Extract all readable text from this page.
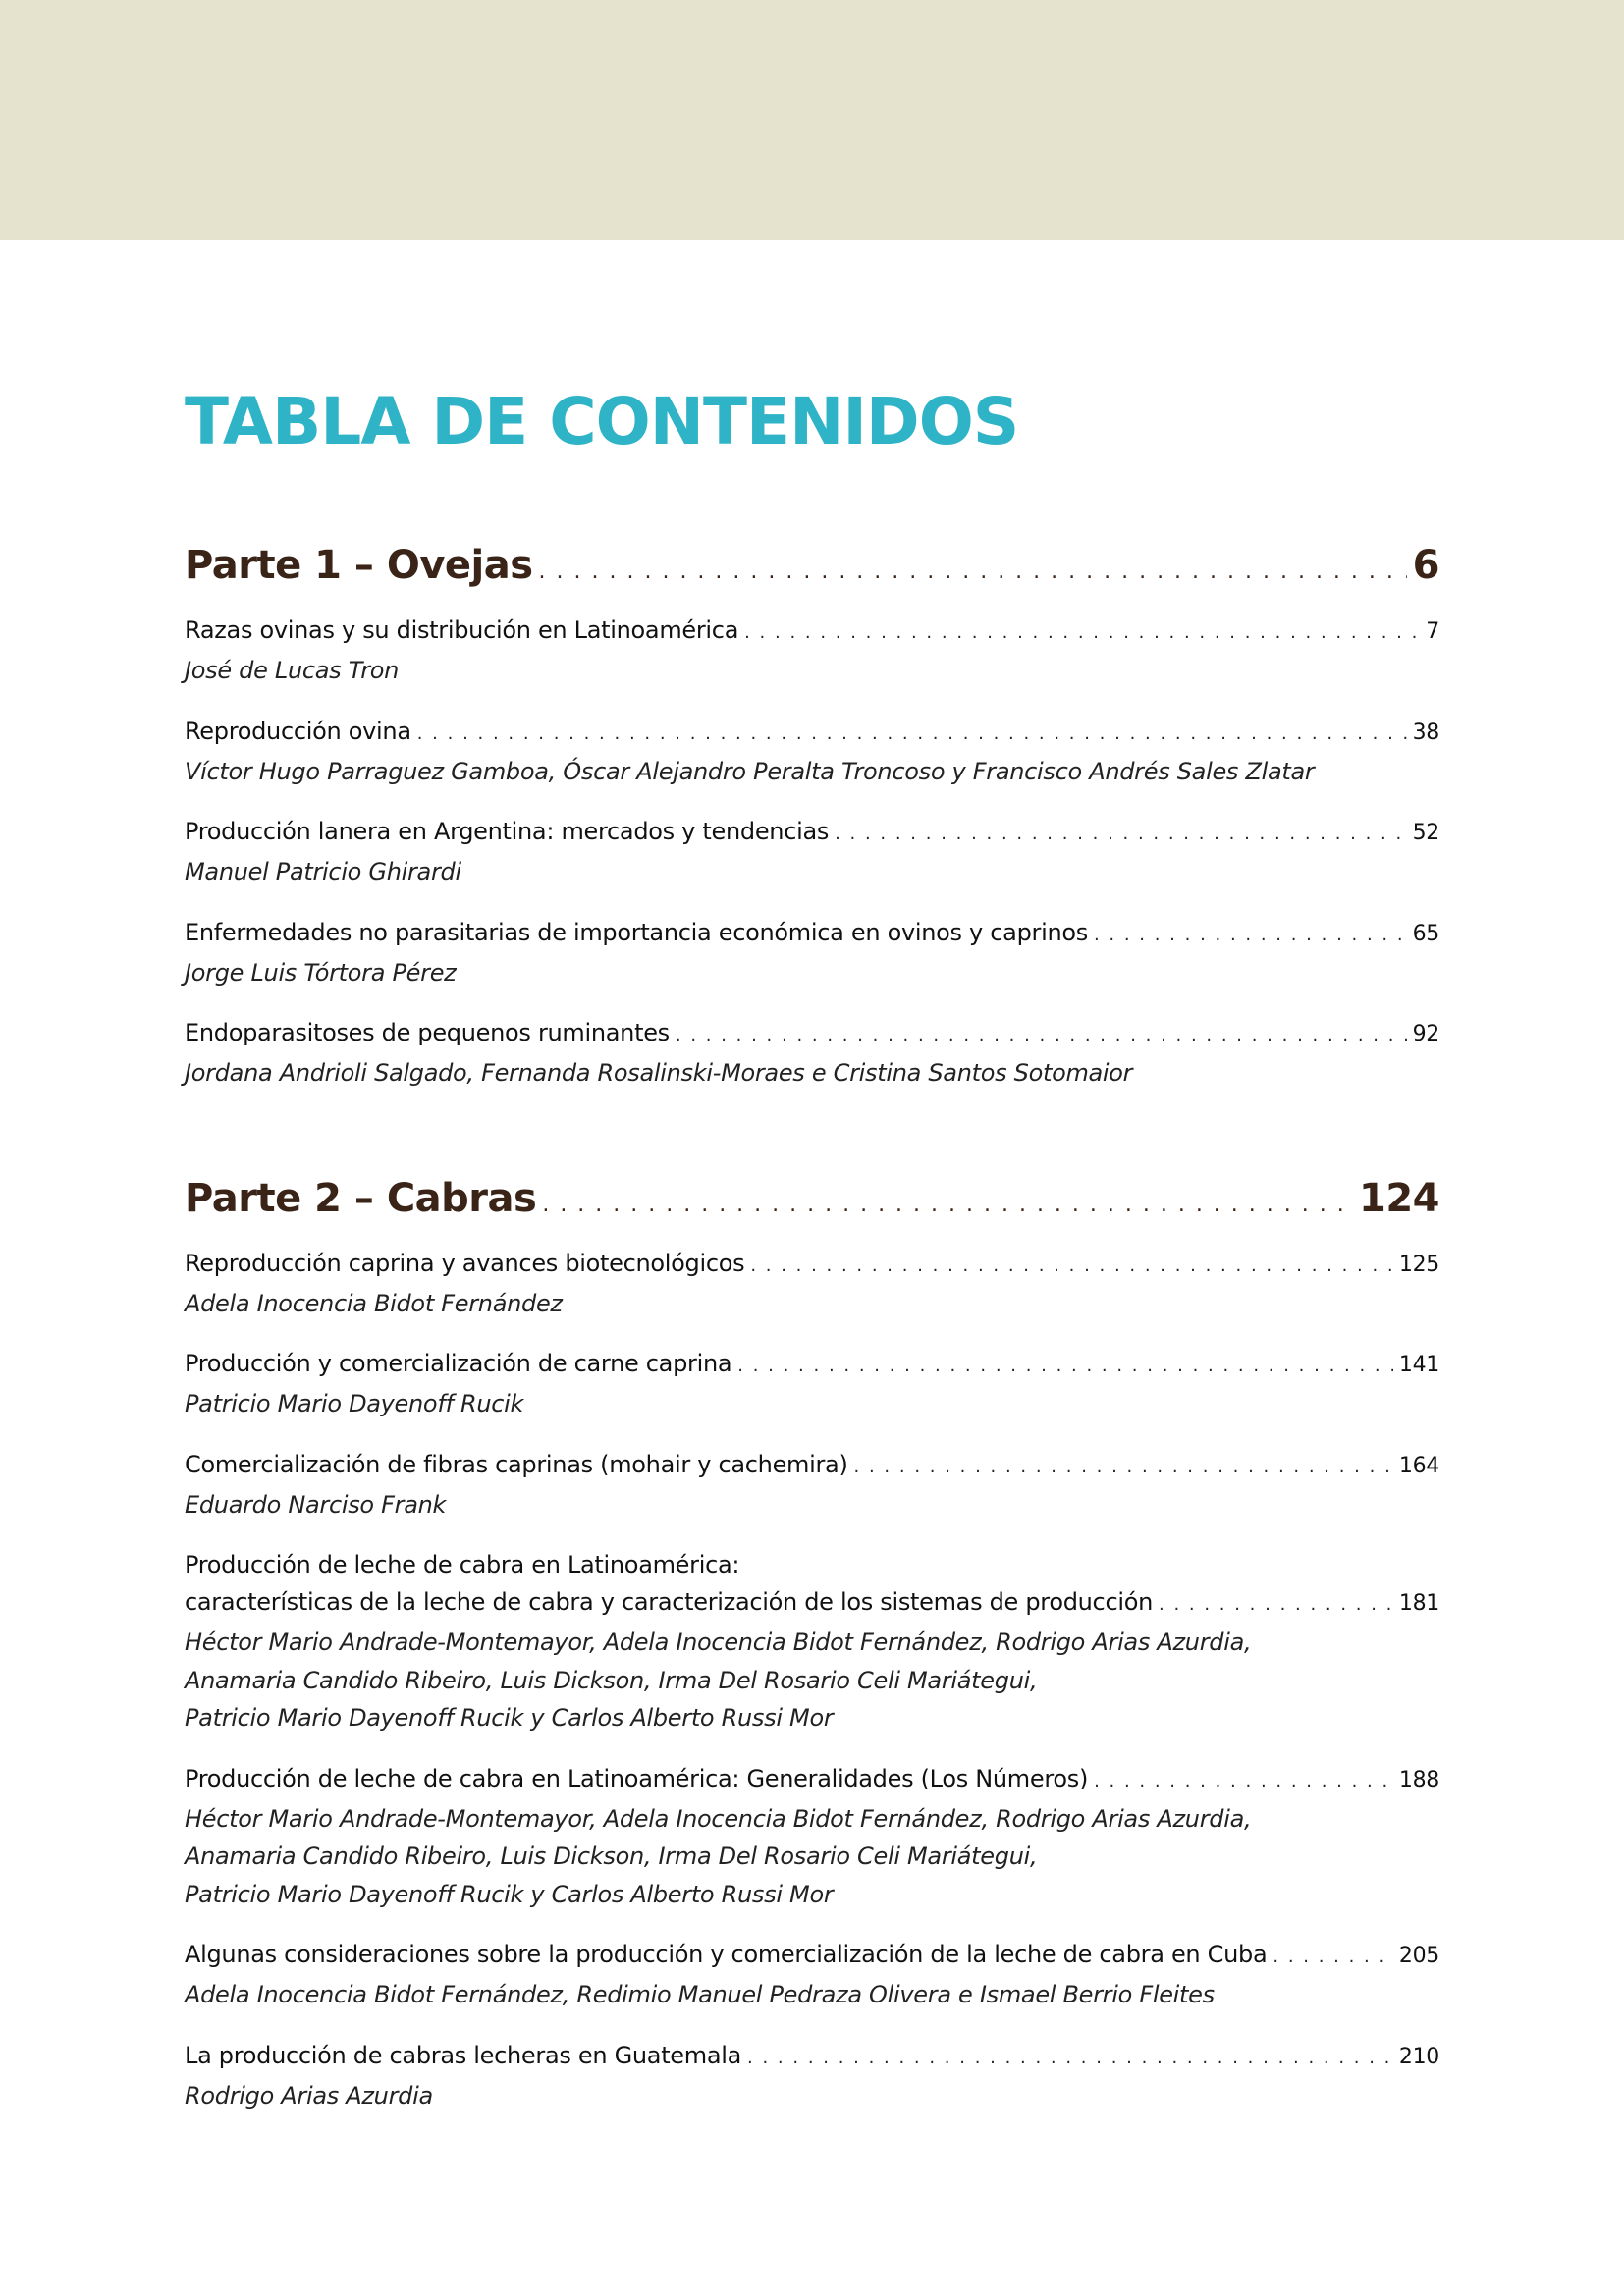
TABLA DE CONTENIDOS
Parte 1 – Ovejas . . .	6
Razas ovinas y su distribución en Latinoamérica . . .	7
José de Lucas Tron
Reproducción ovina . . .	38
Víctor Hugo Parraguez Gamboa, Óscar Alejandro Peralta Troncoso y Francisco Andrés Sales Zlatar
Producción lanera en Argentina: mercados y tendencias . . .	52
Manuel Patricio Ghirardi
Enfermedades no parasitarias de importancia económica en ovinos y caprinos . . .	65
Jorge Luis Tórtora Pérez
Endoparasitoses de pequenos ruminantes . . .	92
Jordana Andrioli Salgado, Fernanda Rosalinski-Moraes e Cristina Santos Sotomaior
Parte 2 – Cabras . . .	124
Reproducción caprina y avances biotecnológicos . . .	125
Adela Inocencia Bidot Fernández
Producción y comercialización de carne caprina . . .	141
Patricio Mario Dayenoff Rucik
Comercialización de fibras caprinas (mohair y cachemira) . . .	164
Eduardo Narciso Frank
Producción de leche de cabra en Latinoamérica:
características de la leche de cabra y caracterización de los sistemas de producción . . .	181
Héctor Mario Andrade-Montemayor, Adela Inocencia Bidot Fernández, Rodrigo Arias Azurdia,
Anamaria Candido Ribeiro, Luis Dickson, Irma Del Rosario Celi Mariátegui,
Patricio Mario Dayenoff Rucik y Carlos Alberto Russi Mor
Producción de leche de cabra en Latinoamérica: Generalidades (Los Números) . . .	188
Héctor Mario Andrade-Montemayor, Adela Inocencia Bidot Fernández, Rodrigo Arias Azurdia,
Anamaria Candido Ribeiro, Luis Dickson, Irma Del Rosario Celi Mariátegui,
Patricio Mario Dayenoff Rucik y Carlos Alberto Russi Mor
Algunas consideraciones sobre la producción y comercialización de la leche de cabra en Cuba . . .	205
Adela Inocencia Bidot Fernández, Redimio Manuel Pedraza Olivera e Ismael Berrio Fleites
La producción de cabras lecheras en Guatemala . . .	210
Rodrigo Arias Azurdia
